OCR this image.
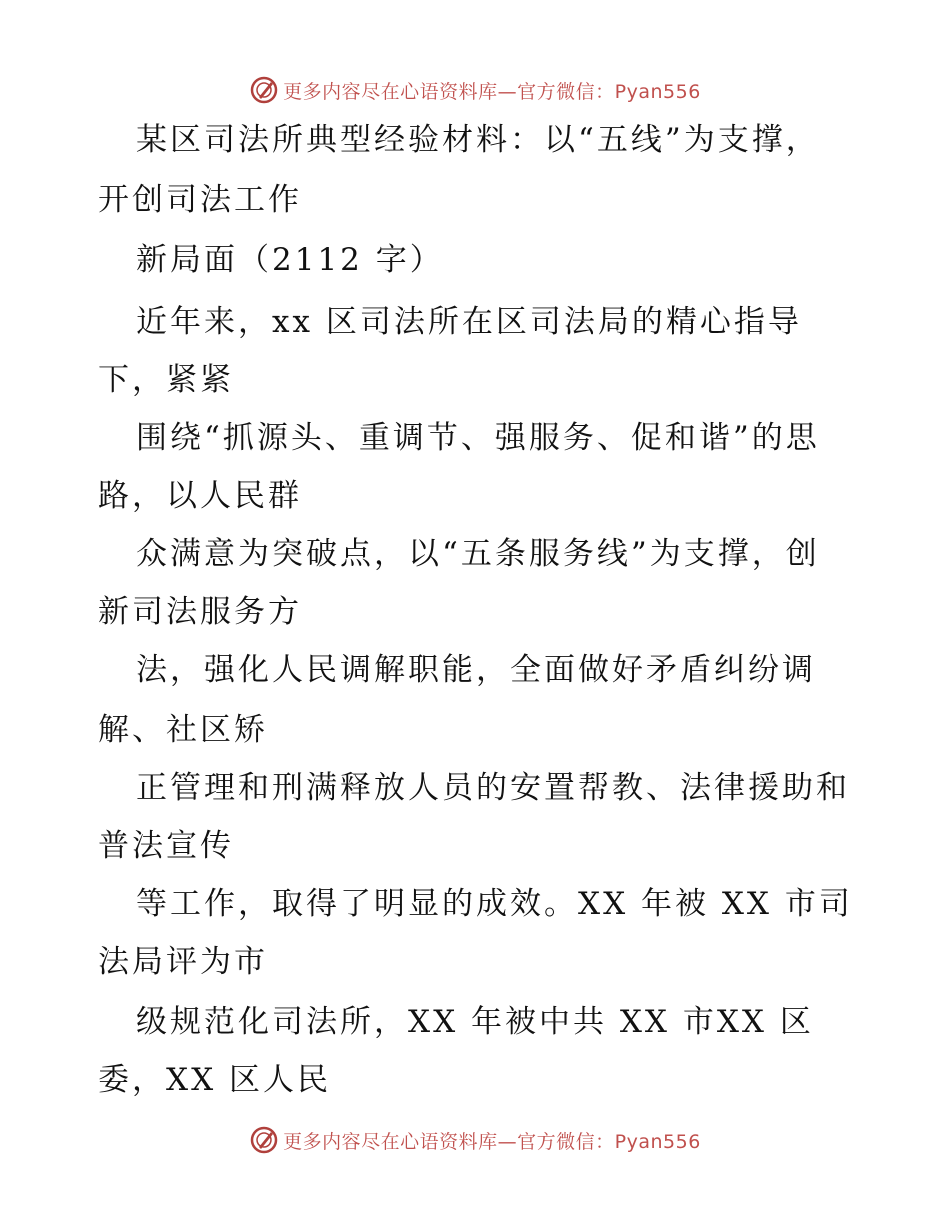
更多内容尽在心语资料库—官方微信：Pyan556
某区司法所典型经验材料：以“五线”为支撑，
开创司法工作
新局面（2112 字）
近年来，xx 区司法所在区司法局的精心指导
下，紧紧
围绕“抓源头、重调节、强服务、促和谐”的思
路，以人民群
众满意为突破点，以“五条服务线”为支撑，创
新司法服务方
法，强化人民调解职能，全面做好矛盾纠纷调
解、社区矫
正管理和刑满释放人员的安置帮教、法律援助和
普法宣传
等工作，取得了明显的成效。XX 年被 XX 市司
法局评为市
级规范化司法所，XX 年被中共 XX 市XX 区
委，XX 区人民
更多内容尽在心语资料库—官方微信：Pyan556
